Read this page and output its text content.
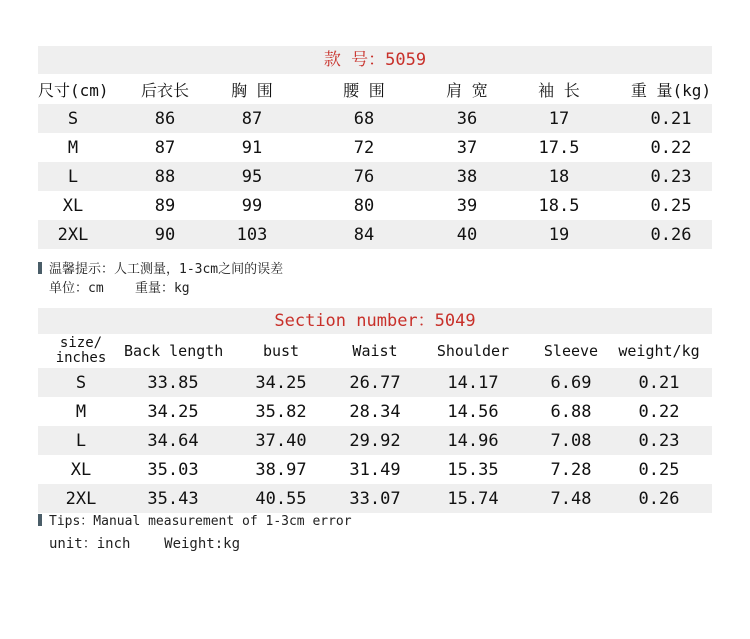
款 号：5059
尺寸(cm)	后衣长	胸 围	腰 围	肩 宽	袖 长	重 量(kg)
S	86	87	68	36	17	0.21
M	87	91	72	37	17.5	0.22
L	88	95	76	38	18	0.23
XL	89	99	80	39	18.5	0.25
2XL	90	103	84	40	19	0.26
温馨提示：人工测量，1-3cm之间的误差
单位：cm    重量：kg
Section number：5049
size/
inches	Back length	bust	Waist	Shoulder	Sleeve	weight/kg
S	33.85	34.25	26.77	14.17	6.69	0.21
M	34.25	35.82	28.34	14.56	6.88	0.22
L	34.64	37.40	29.92	14.96	7.08	0.23
XL	35.03	38.97	31.49	15.35	7.28	0.25
2XL	35.43	40.55	33.07	15.74	7.48	0.26
Tips：Manual measurement of 1-3cm error
unit：inch    Weight:kg
